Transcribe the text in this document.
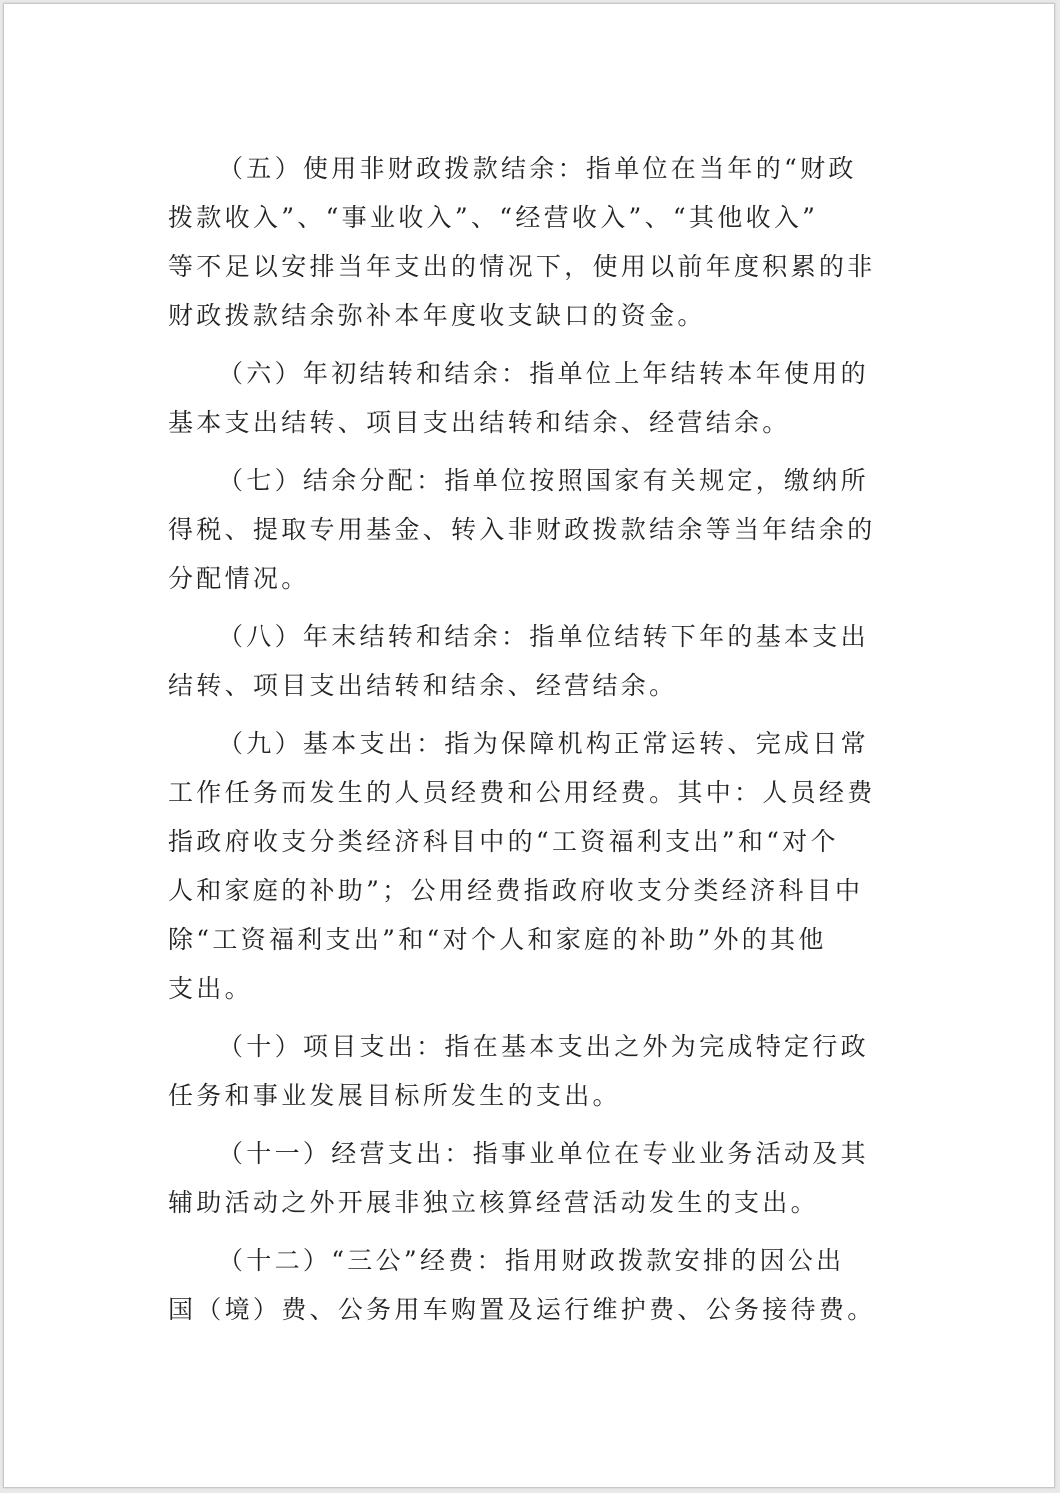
（五）使用非财政拨款结余：指单位在当年的“财政
拨款收入”、“事业收入”、“经营收入”、“其他收入”
等不足以安排当年支出的情况下，使用以前年度积累的非
财政拨款结余弥补本年度收支缺口的资金。

（六）年初结转和结余：指单位上年结转本年使用的
基本支出结转、项目支出结转和结余、经营结余。

（七）结余分配：指单位按照国家有关规定，缴纳所
得税、提取专用基金、转入非财政拨款结余等当年结余的
分配情况。

（八）年末结转和结余：指单位结转下年的基本支出
结转、项目支出结转和结余、经营结余。

（九）基本支出：指为保障机构正常运转、完成日常
工作任务而发生的人员经费和公用经费。其中：人员经费
指政府收支分类经济科目中的“工资福利支出”和“对个
人和家庭的补助”；公用经费指政府收支分类经济科目中
除“工资福利支出”和“对个人和家庭的补助”外的其他
支出。

（十）项目支出：指在基本支出之外为完成特定行政
任务和事业发展目标所发生的支出。

（十一）经营支出：指事业单位在专业业务活动及其
辅助活动之外开展非独立核算经营活动发生的支出。

（十二）“三公”经费：指用财政拨款安排的因公出
国（境）费、公务用车购置及运行维护费、公务接待费。
